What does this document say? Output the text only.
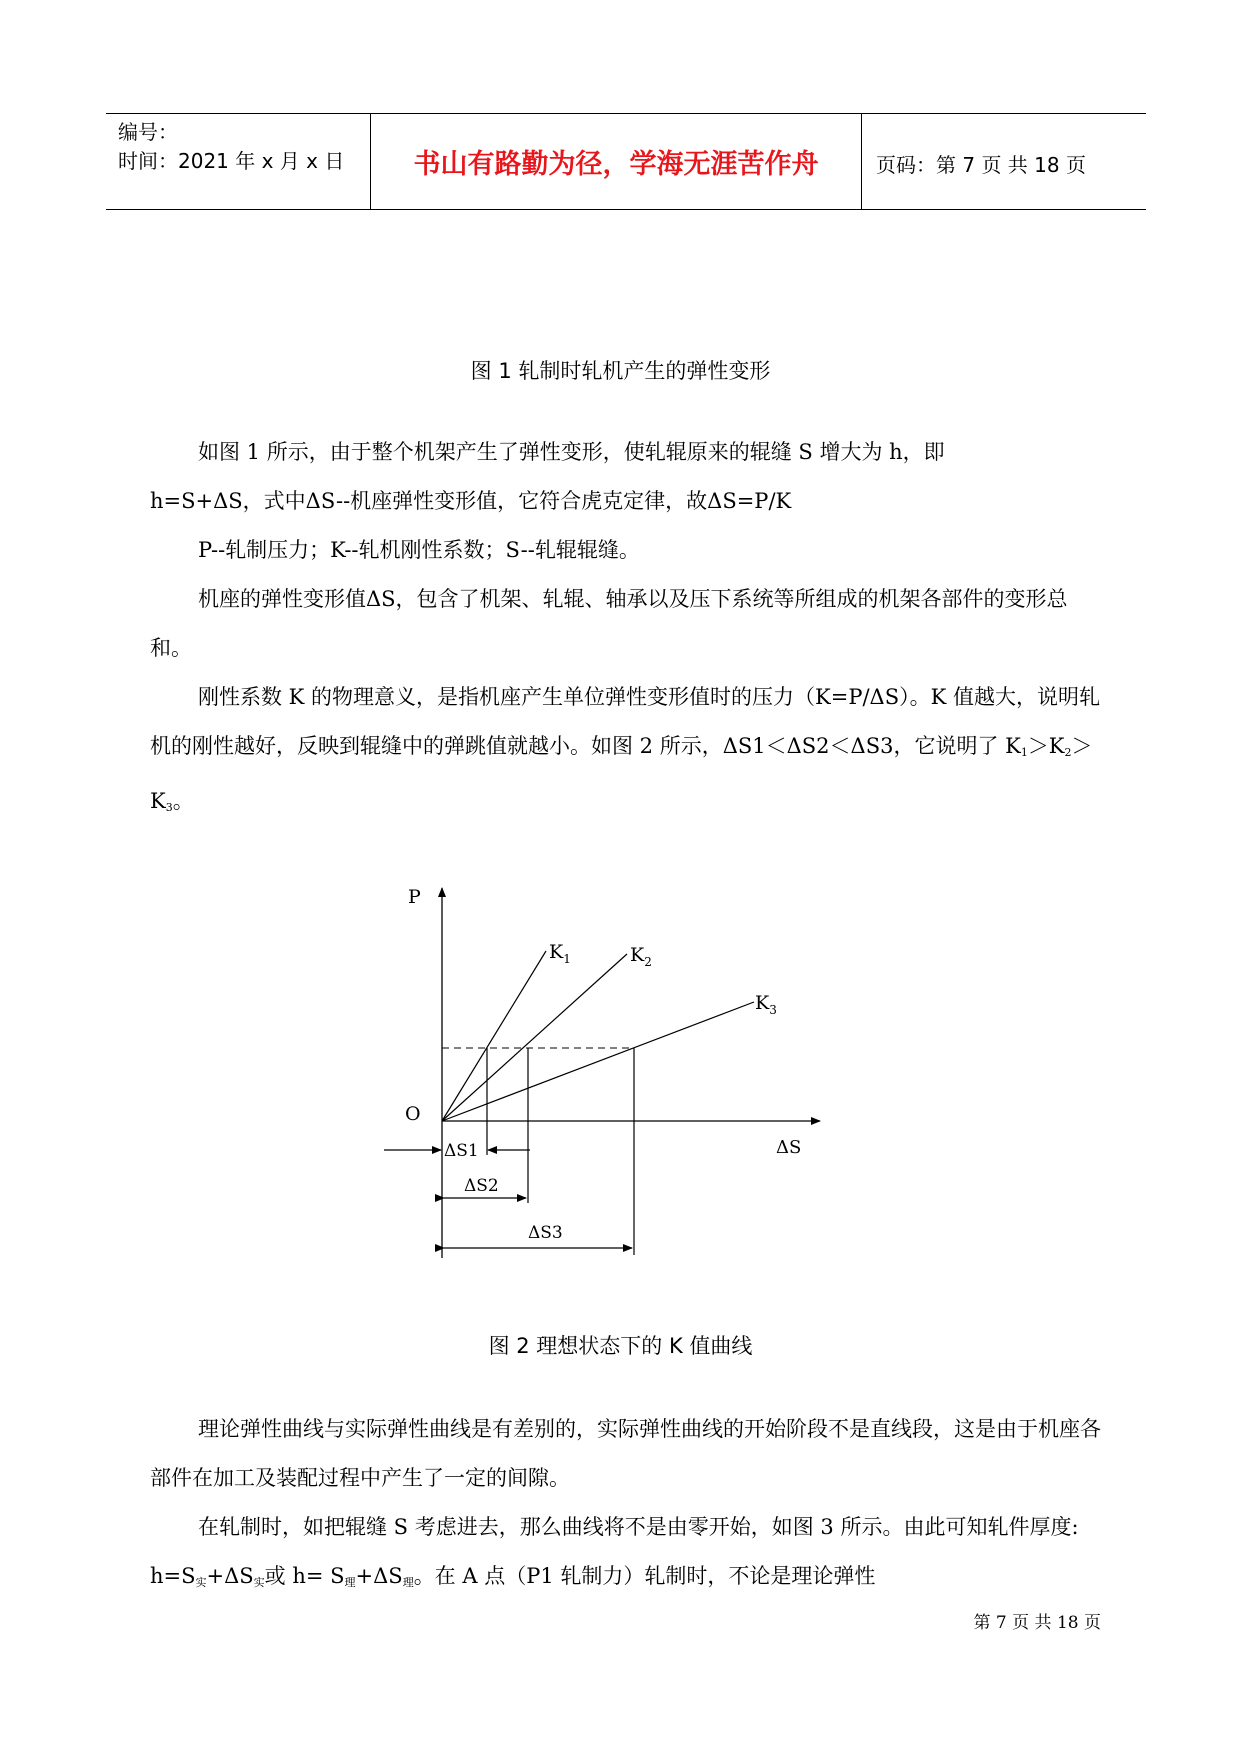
编号：
时间：2021 年 x 月 x 日	书山有路勤为径，学海无涯苦作舟	页码：第 7 页 共 18 页
图 1 轧制时轧机产生的弹性变形
如图 1 所示，由于整个机架产生了弹性变形，使轧辊原来的辊缝 S 增大为 h，即
h=S+ΔS，式中ΔS--机座弹性变形值，它符合虎克定律，故ΔS=P/K
P--轧制压力；K--轧机刚性系数；S--轧辊辊缝。
机座的弹性变形值ΔS，包含了机架、轧辊、轴承以及压下系统等所组成的机架各部件的变形总和。
刚性系数 K 的物理意义，是指机座产生单位弹性变形值时的压力（K=P/ΔS）。K 值越大，说明轧机的刚性越好，反映到辊缝中的弹跳值就越小。如图 2 所示，ΔS1＜ΔS2＜ΔS3，它说明了 $K_1>K_2>K_3$。
P
O
ΔS
$K_1$	$K_2$
$K_3$
ΔS1
ΔS2
ΔS3
图 2 理想状态下的 K 值曲线
理论弹性曲线与实际弹性曲线是有差别的，实际弹性曲线的开始阶段不是直线段，这是由于机座各部件在加工及装配过程中产生了一定的间隙。
在轧制时，如把辊缝 S 考虑进去，那么曲线将不是由零开始，如图 3 所示。由此可知轧件厚度: $h=S_实+\Delta S_实$或 $h= S_理+\Delta S_理$。在 A 点（P1 轧制力）轧制时，不论是理论弹性
第 7 页 共 18 页
